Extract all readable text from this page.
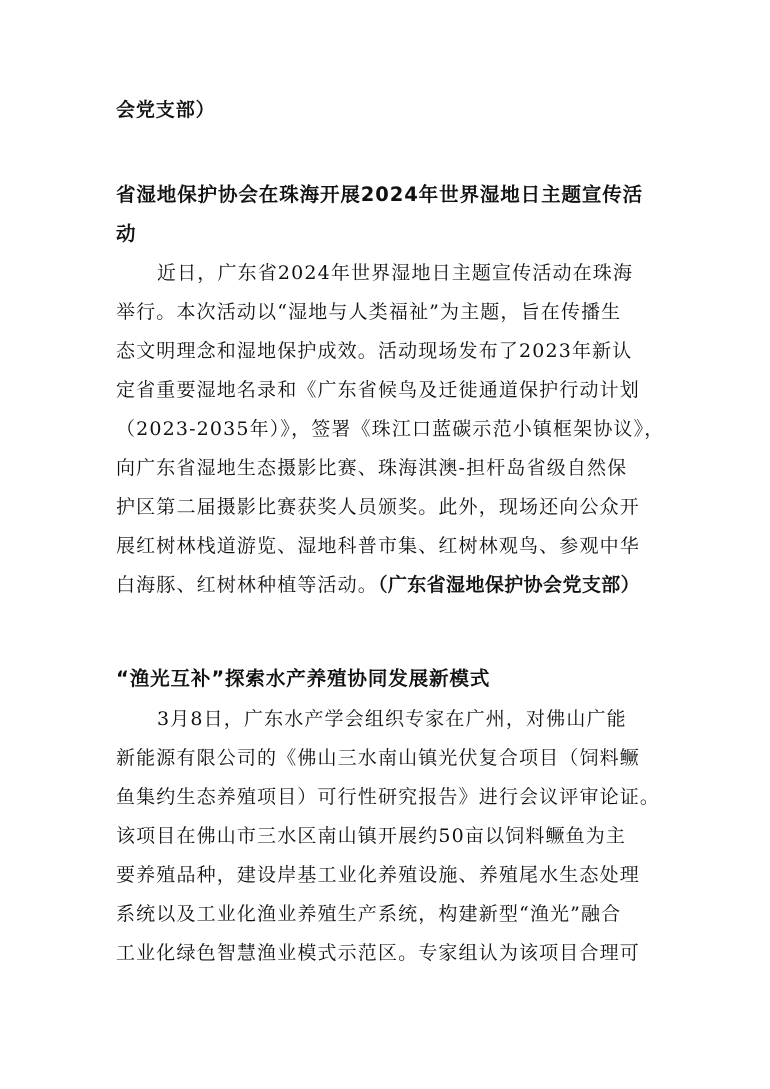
会党支部）
省湿地保护协会在珠海开展2024年世界湿地日主题宣传活
动
近日，广东省2024年世界湿地日主题宣传活动在珠海
举行。本次活动以“湿地与人类福祉”为主题，旨在传播生
态文明理念和湿地保护成效。活动现场发布了2023年新认
定省重要湿地名录和《广东省候鸟及迁徙通道保护行动计划
（2023-2035年）》，签署《珠江口蓝碳示范小镇框架协议》，
向广东省湿地生态摄影比赛、珠海淇澳-担杆岛省级自然保
护区第二届摄影比赛获奖人员颁奖。此外，现场还向公众开
展红树林栈道游览、湿地科普市集、红树林观鸟、参观中华
白海豚、红树林种植等活动。（广东省湿地保护协会党支部）
“渔光互补”探索水产养殖协同发展新模式
3月8日，广东水产学会组织专家在广州，对佛山广能
新能源有限公司的《佛山三水南山镇光伏复合项目（饲料鳜
鱼集约生态养殖项目）可行性研究报告》进行会议评审论证。
该项目在佛山市三水区南山镇开展约50亩以饲料鳜鱼为主
要养殖品种，建设岸基工业化养殖设施、养殖尾水生态处理
系统以及工业化渔业养殖生产系统，构建新型“渔光”融合
工业化绿色智慧渔业模式示范区。专家组认为该项目合理可
